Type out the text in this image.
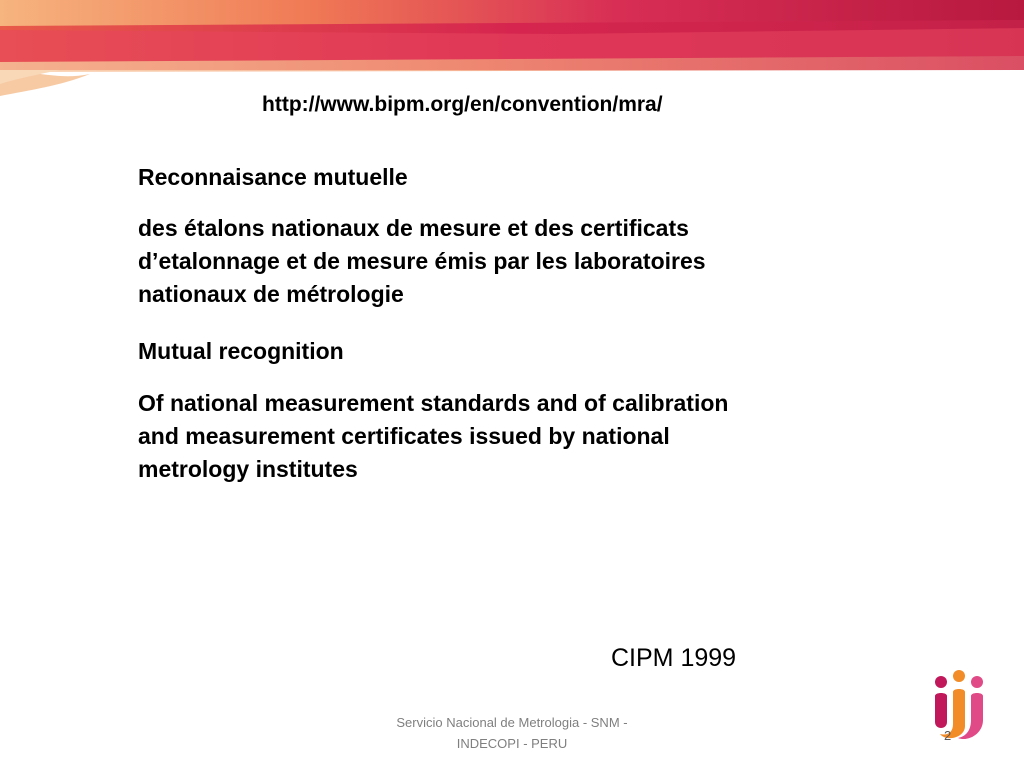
http://www.bipm.org/en/convention/mra/
Reconnaisance mutuelle
des étalons nationaux de mesure et des certificats
d’etalonnage et de mesure émis par les laboratoires
nationaux de métrologie
Mutual recognition
Of national measurement standards and of calibration
and measurement certificates issued by national
metrology institutes
CIPM 1999
Servicio Nacional de Metrologia - SNM -
INDECOPI - PERU
2
